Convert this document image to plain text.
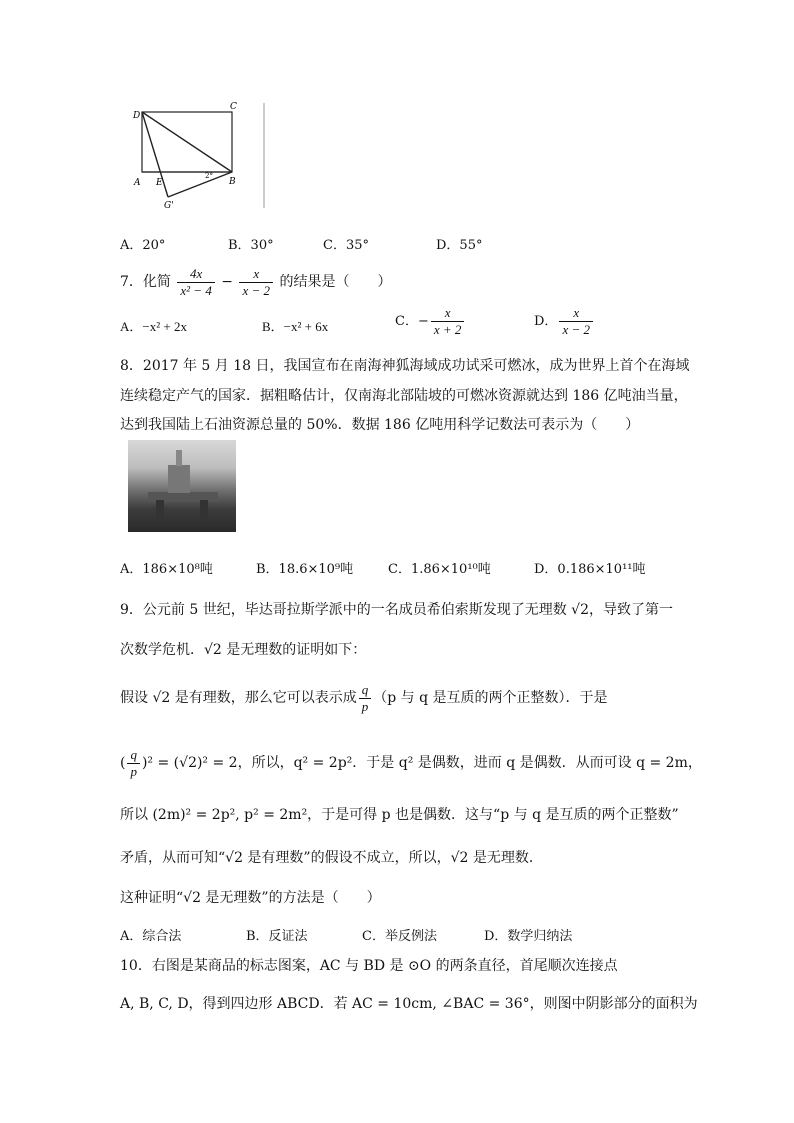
D
C
A E	B
G'
2°
A．20°	B．30°	C．35°	D．55°
7．化简 $\frac{4x}{\text{x² − 4}} - \frac{x}{x - 2}$ 的结果是（　　）
A．−x² + 2x	B．−x² + 6x	C．− $\frac{x}{x + 2}$	D． $\frac{x}{x - 2}$
8．2017 年 5 月 18 日，我国宣布在南海神狐海域成功试采可燃冰，成为世界上首个在海域
连续稳定产气的国家．据粗略估计，仅南海北部陆坡的可燃冰资源就达到 186 亿吨油当量，
达到我国陆上石油资源总量的 50%．数据 186 亿吨用科学记数法可表示为（　　）
A．186×10⁸吨	B．18.6×10⁹吨	C．1.86×10¹⁰吨	D．0.186×10¹¹吨
9．公元前 5 世纪，毕达哥拉斯学派中的一名成员希伯索斯发现了无理数 √2，导致了第一
次数学危机．√2 是无理数的证明如下：
假设 √2 是有理数，那么它可以表示成 $\frac{q}{p} (p$ 与 q 是互质的两个正整数）．于是
( $\frac{q}{p} )^2 = (√2)^2 = 2$，所以，q² = 2p²．于是 q² 是偶数，进而 q 是偶数．从而可设 q = 2m，
所以 (2m)² = 2p², p² = 2m²，于是可得 p 也是偶数．这与“p 与 q 是互质的两个正整数”
矛盾，从而可知“√2 是有理数”的假设不成立，所以，√2 是无理数．
这种证明“√2 是无理数”的方法是（　　）
A．综合法	B．反证法	C．举反例法	D．数学归纳法
10．右图是某商品的标志图案，AC 与 BD 是 ⊙O 的两条直径，首尾顺次连接点
A, B, C, D，得到四边形 ABCD．若 AC = 10cm, ∠BAC = 36°，则图中阴影部分的面积为
